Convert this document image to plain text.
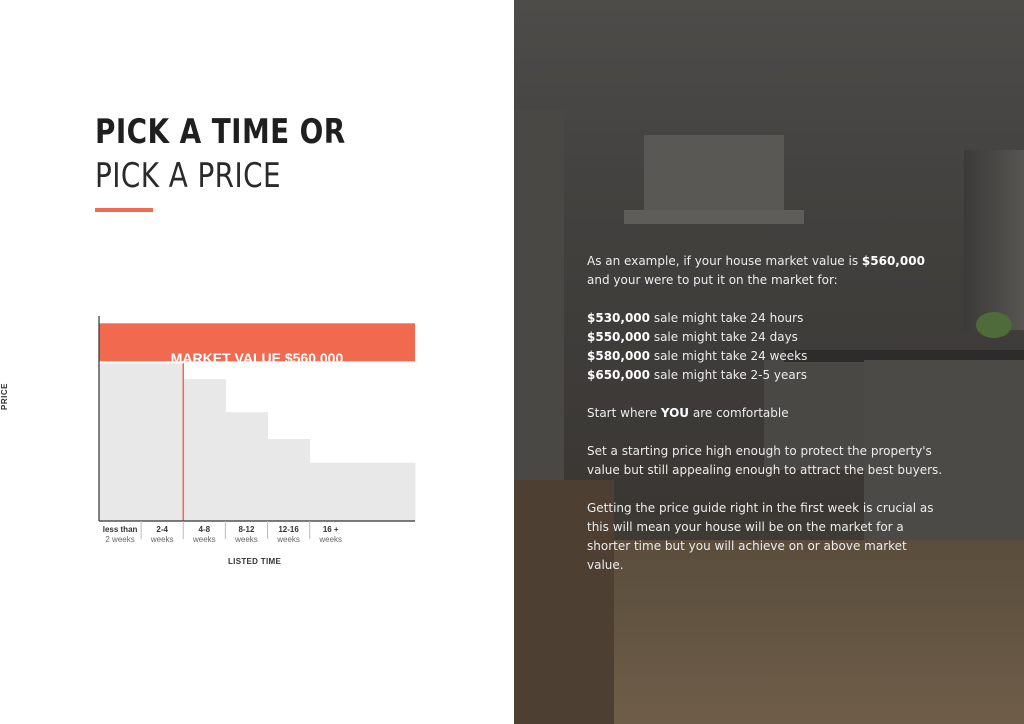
PICK A TIME OR
PICK A PRICE
MARKET VALUE $560,000
PRICE
LISTED TIME
less than
2 weeks
2-4
weeks
4-8
weeks
8-12
weeks
12-16
weeks
16 +
weeks

As an example, if your house market value is $560,000 and your were to put it on the market for:

$530,000 sale might take 24 hours

$550,000 sale might take 24 days

$580,000 sale might take 24 weeks

$650,000 sale might take 2-5 years

Start where YOU are comfortable

Set a starting price high enough to protect the property's value but still appealing enough to attract the best buyers.

Getting the price guide right in the first week is crucial as this will mean your house will be on the market for a shorter time but you will achieve on or above market value.
